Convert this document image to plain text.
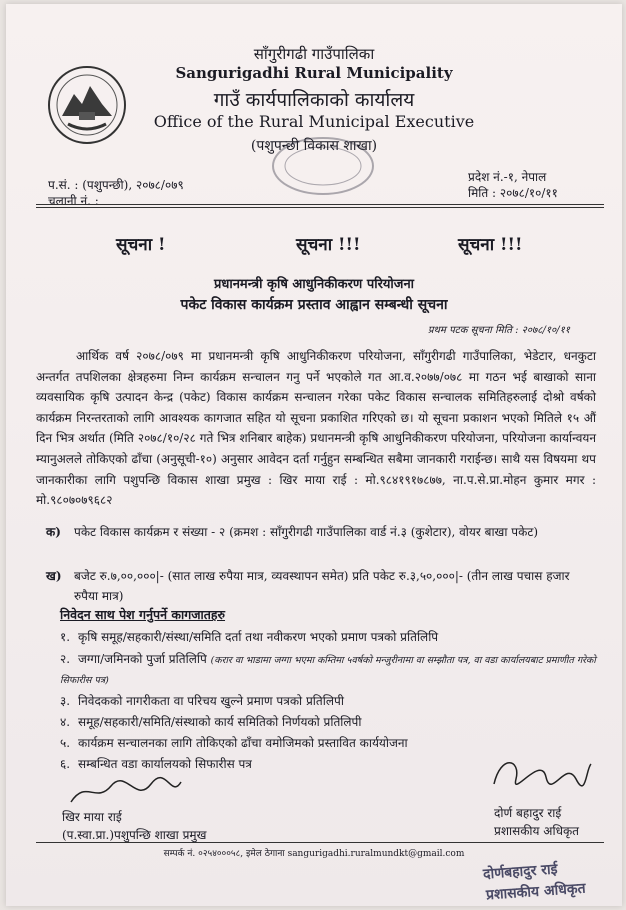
साँगुरीगढी गाउँपालिका
Sangurigadhi Rural Municipality
गाउँ कार्यपालिकाको कार्यालय
Office of the Rural Municipal Executive
(पशुपन्छी विकास शाखा)
प.सं. : (पशुपन्छी), २०७८/०७९
चलानी नं. :
प्रदेश नं.-१, नेपाल
मिति : २०७८/१०/११
सूचना !	सूचना !!!	सूचना !!!
प्रधानमन्त्री कृषि आधुनिकीकरण परियोजना
पकेट विकास कार्यक्रम प्रस्ताव आह्वान सम्बन्धी सूचना
प्रथम पटक सूचना मिति : २०७८/१०/११

आर्थिक वर्ष २०७८/०७९ मा प्रधानमन्त्री कृषि आधुनिकीकरण परियोजना, साँगुरीगढी गाउँपालिका, भेडेटार, धनकुटा अन्तर्गत तपशिलका क्षेत्रहरुमा निम्न कार्यक्रम सन्चालन गनु पर्ने भएकोले गत आ.व.२०७७/०७८ मा गठन भई बाखाको साना व्यवसायिक कृषि उत्पादन केन्द्र (पकेट) विकास कार्यक्रम सन्चालन गरेका पकेट विकास सन्चालक समितिहरुलाई दोश्रो वर्षको कार्यक्रम निरन्तरताको लागि आवश्यक कागजात सहित यो सूचना प्रकाशित गरिएको छ। यो सूचना प्रकाशन भएको मितिले १५ औं दिन भित्र अर्थात (मिति २०७८/१०/२८ गते भित्र शनिबार बाहेक) प्रधानमन्त्री कृषि आधुनिकीकरण परियोजना, परियोजना कार्यान्वयन म्यानुअलले तोकिएको ढाँचा (अनुसूची-१०) अनुसार आवेदन दर्ता गर्नुहुन सम्बन्धित सबैमा जानकारी गराईन्छ। साथै यस विषयमा थप जानकारीका लागि पशुपन्छि विकास शाखा प्रमुख : खिर माया राई : मो.९८४१९१७८७७, ना.प.से.प्रा.मोहन कुमार मगर : मो.९८०७०७९६८२

क)	पकेट विकास कार्यक्रम र संख्या - २ (क्रमश : साँगुरीगढी गाउँपालिका वार्ड नं.३ (कुशेटार), वोयर बाखा पकेट)
ख)	बजेट रु.७,००,०००|- (सात लाख रुपैया मात्र, व्यवस्थापन समेत) प्रति पकेट रु.३,५०,०००|- (तीन लाख पचास हजार रुपैया मात्र)
निवेदन साथ पेश गर्नुपर्ने कागजातहरु
१. कृषि समूह/सहकारी/संस्था/समिति दर्ता तथा नवीकरण भएको प्रमाण पत्रको प्रतिलिपि
२. जग्गा/जमिनको पुर्जा प्रतिलिपि (करार वा भाडामा जग्गा भएमा कम्तिमा ५वर्षको मन्जुरीनामा वा सम्झौता पत्र, वा वडा कार्यालयबाट प्रमाणीत गरेको सिफारीस पत्र)
३. निवेदकको नागरीकता वा परिचय खुल्ने प्रमाण पत्रको प्रतिलिपी
४. समूह/सहकारी/समिति/संस्थाको कार्य समितिको निर्णयको प्रतिलिपी
५. कार्यक्रम सन्चालनका लागि तोकिएको ढाँचा वमोजिमको प्रस्तावित कार्ययोजना
६. सम्बन्धित वडा कार्यालयको सिफारीस पत्र
खिर माया राई
(प.स्वा.प्रा.)पशुपन्छि शाखा प्रमुख
दोर्ण बहादुर राई
प्रशासकीय अधिकृत
सम्पर्क नं. ०२५४०००५८, इमेल ठेगाना sangurigadhi.ruralmundkt@gmail.com
दोर्णबहादुर राई
प्रशासकीय अधिकृत
